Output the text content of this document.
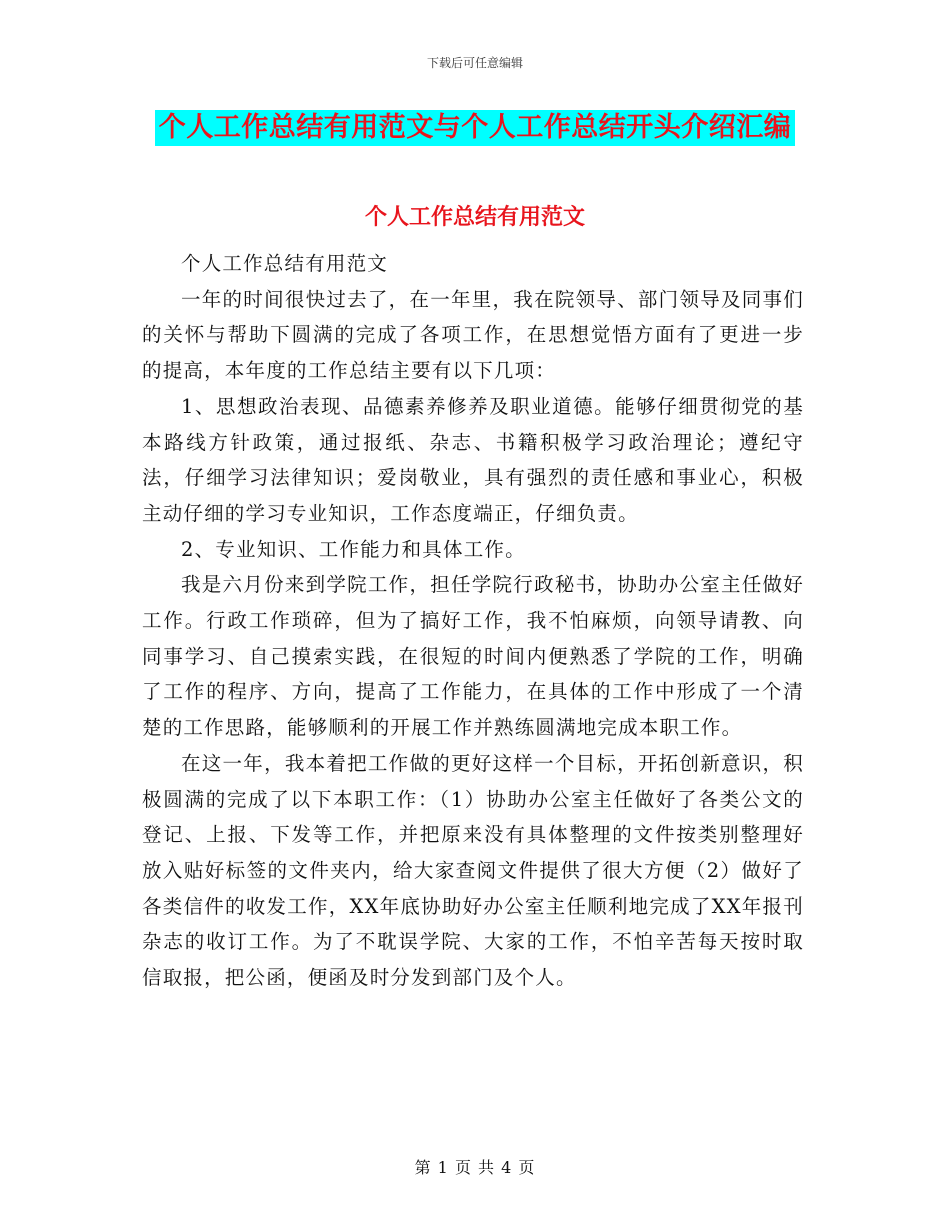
下载后可任意编辑
个人工作总结有用范文与个人工作总结开头介绍汇编
个人工作总结有用范文

个人工作总结有用范文

一年的时间很快过去了，在一年里，我在院领导、部门领导及同事们的关怀与帮助下圆满的完成了各项工作，在思想觉悟方面有了更进一步的提高，本年度的工作总结主要有以下几项：

1、思想政治表现、品德素养修养及职业道德。能够仔细贯彻党的基本路线方针政策，通过报纸、杂志、书籍积极学习政治理论；遵纪守法，仔细学习法律知识；爱岗敬业，具有强烈的责任感和事业心，积极主动仔细的学习专业知识，工作态度端正，仔细负责。

2、专业知识、工作能力和具体工作。

我是六月份来到学院工作，担任学院行政秘书，协助办公室主任做好工作。行政工作琐碎，但为了搞好工作，我不怕麻烦，向领导请教、向同事学习、自己摸索实践，在很短的时间内便熟悉了学院的工作，明确了工作的程序、方向，提高了工作能力，在具体的工作中形成了一个清楚的工作思路，能够顺利的开展工作并熟练圆满地完成本职工作。

在这一年，我本着把工作做的更好这样一个目标，开拓创新意识，积极圆满的完成了以下本职工作：（1）协助办公室主任做好了各类公文的登记、上报、下发等工作，并把原来没有具体整理的文件按类别整理好放入贴好标签的文件夹内，给大家查阅文件提供了很大方便（2）做好了各类信件的收发工作，XX年底协助好办公室主任顺利地完成了XX年报刊杂志的收订工作。为了不耽误学院、大家的工作，不怕辛苦每天按时取信取报，把公函，便函及时分发到部门及个人。

第 1 页 共 4 页
